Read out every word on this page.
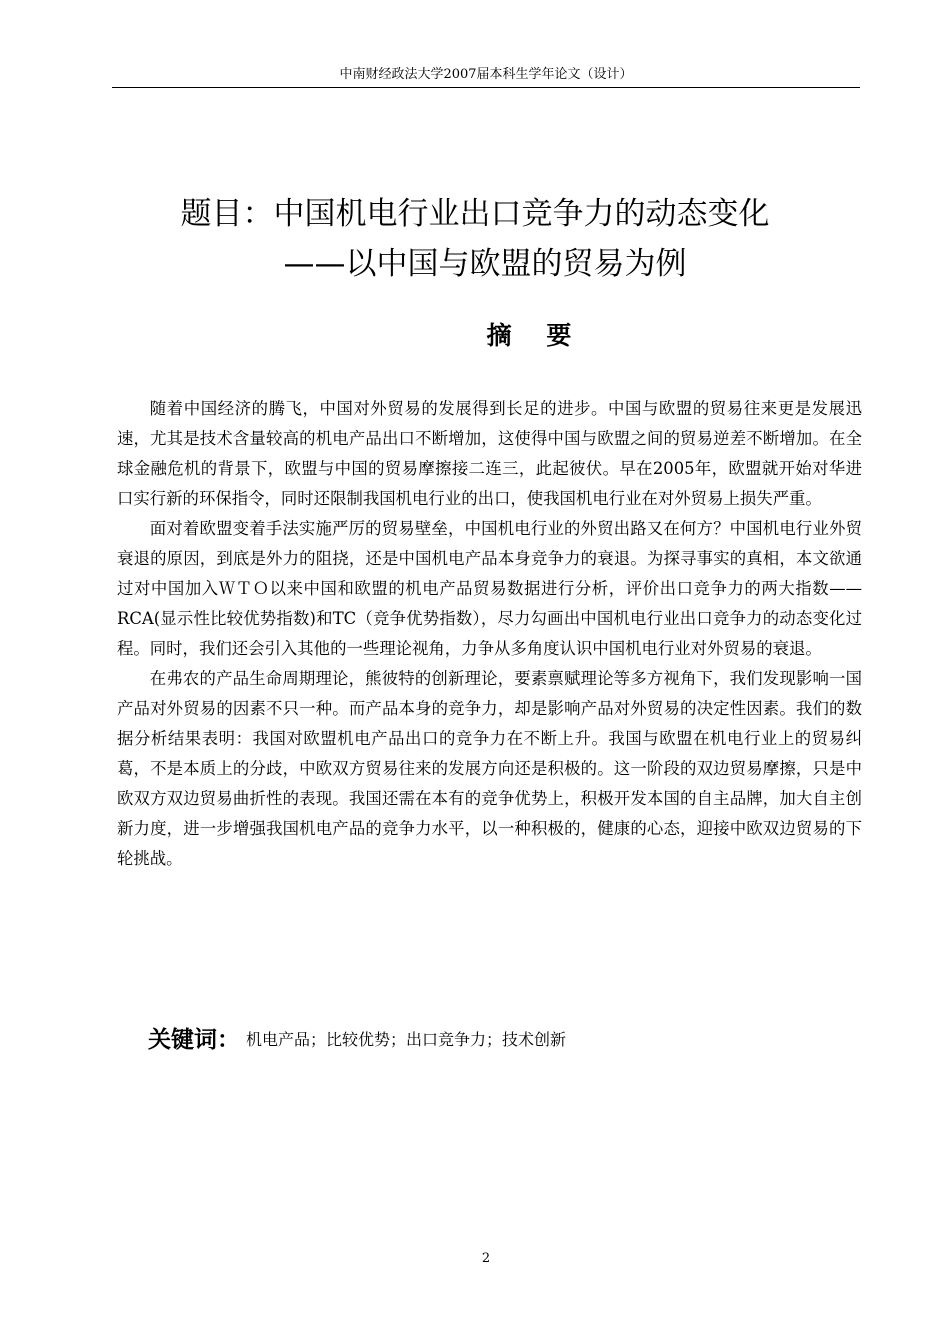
中南财经政法大学2007届本科生学年论文（设计）
题目：中国机电行业出口竞争力的动态变化
——以中国与欧盟的贸易为例
摘    要

随着中国经济的腾飞，中国对外贸易的发展得到长足的进步。中国与欧盟的贸易往来更是发展迅速，尤其是技术含量较高的机电产品出口不断增加，这使得中国与欧盟之间的贸易逆差不断增加。在全球金融危机的背景下，欧盟与中国的贸易摩擦接二连三，此起彼伏。早在2005年，欧盟就开始对华进口实行新的环保指令，同时还限制我国机电行业的出口，使我国机电行业在对外贸易上损失严重。

面对着欧盟变着手法实施严厉的贸易壁垒，中国机电行业的外贸出路又在何方？中国机电行业外贸衰退的原因，到底是外力的阻挠，还是中国机电产品本身竞争力的衰退。为探寻事实的真相，本文欲通过对中国加入ＷＴＯ以来中国和欧盟的机电产品贸易数据进行分析，评价出口竞争力的两大指数——RCA(显示性比较优势指数)和TC（竞争优势指数），尽力勾画出中国机电行业出口竞争力的动态变化过程。同时，我们还会引入其他的一些理论视角，力争从多角度认识中国机电行业对外贸易的衰退。

在弗农的产品生命周期理论，熊彼特的创新理论，要素禀赋理论等多方视角下，我们发现影响一国产品对外贸易的因素不只一种。而产品本身的竞争力，却是影响产品对外贸易的决定性因素。我们的数据分析结果表明：我国对欧盟机电产品出口的竞争力在不断上升。我国与欧盟在机电行业上的贸易纠葛，不是本质上的分歧，中欧双方贸易往来的发展方向还是积极的。这一阶段的双边贸易摩擦，只是中欧双方双边贸易曲折性的表现。我国还需在本有的竞争优势上，积极开发本国的自主品牌，加大自主创新力度，进一步增强我国机电产品的竞争力水平，以一种积极的，健康的心态，迎接中欧双边贸易的下轮挑战。

关键词： 机电产品；比较优势；出口竞争力；技术创新
2
